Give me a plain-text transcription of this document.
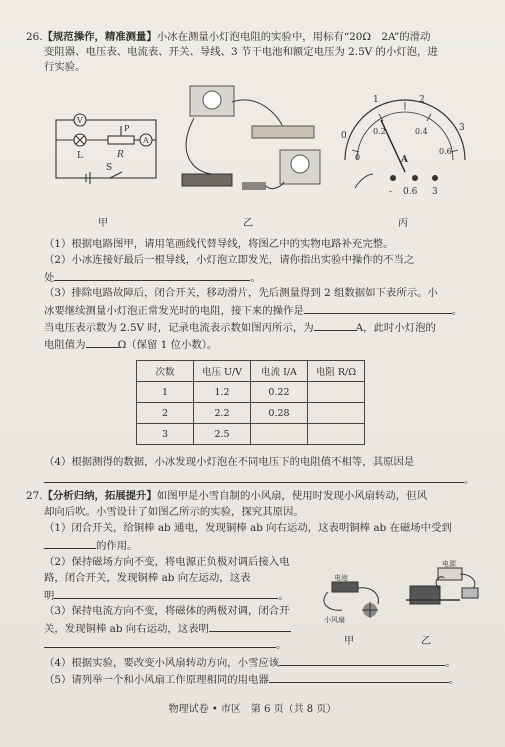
26.【规范操作，精准测量】小冰在测量小灯泡电阻的实验中，用标有“20Ω　2A”的滑动
变阻器、电压表、电流表、开关、导线、3 节干电池和额定电压为 2.5V 的小灯泡，进
行实验。
V
A
L	R
P
S
1	2
3
0
0
0.2	0.4
0.6
A
- 0.6 3
甲	乙	丙
（1）根据电路图甲，请用笔画线代替导线，将图乙中的实物电路补充完整。
（2）小冰连接好最后一根导线，小灯泡立即发光，请你指出实验中操作的不当之
处	。
（3）排除电路故障后，闭合开关，移动滑片，先后测量得到 2 组数据如下表所示。小
冰要继续测量小灯泡正常发光时的电阻，接下来的操作是	。
当电压表示数为 2.5V 时，记录电流表示数如图丙所示，为	A，此时小灯泡的
电阻值为	Ω（保留 1 位小数）。
次数	电压 U/V	电流 I/A	电阻 R/Ω
1	1.2	0.22	
2	2.2	0.28	
3	2.5		
（4）根据测得的数据，小冰发现小灯泡在不同电压下的电阻值不相等，其原因是
。
27.【分析归纳，拓展提升】如图甲是小雪自制的小风扇，使用时发现小风扇转动，但风
却向后吹。小雪设计了如图乙所示的实验，探究其原因。
（1）闭合开关，给铜棒 ab 通电，发现铜棒 ab 向右运动，这表明铜棒 ab 在磁场中受到
的作用。
（2）保持磁场方向不变，将电源正负极对调后接入电
路，闭合开关，发现铜棒 ab 向左运动，这表
明	。
（3）保持电流方向不变，将磁体的两极对调，闭合开
关，发现铜棒 ab 向右运动，这表明
。
（4）根据实验，要改变小风扇转动方向，小雪应该	。
（5）请列举一个和小风扇工作原理相同的用电器	。
电池
小风扇
电源
甲	乙
物理试卷 • 市区　第 6 页（共 8 页）
